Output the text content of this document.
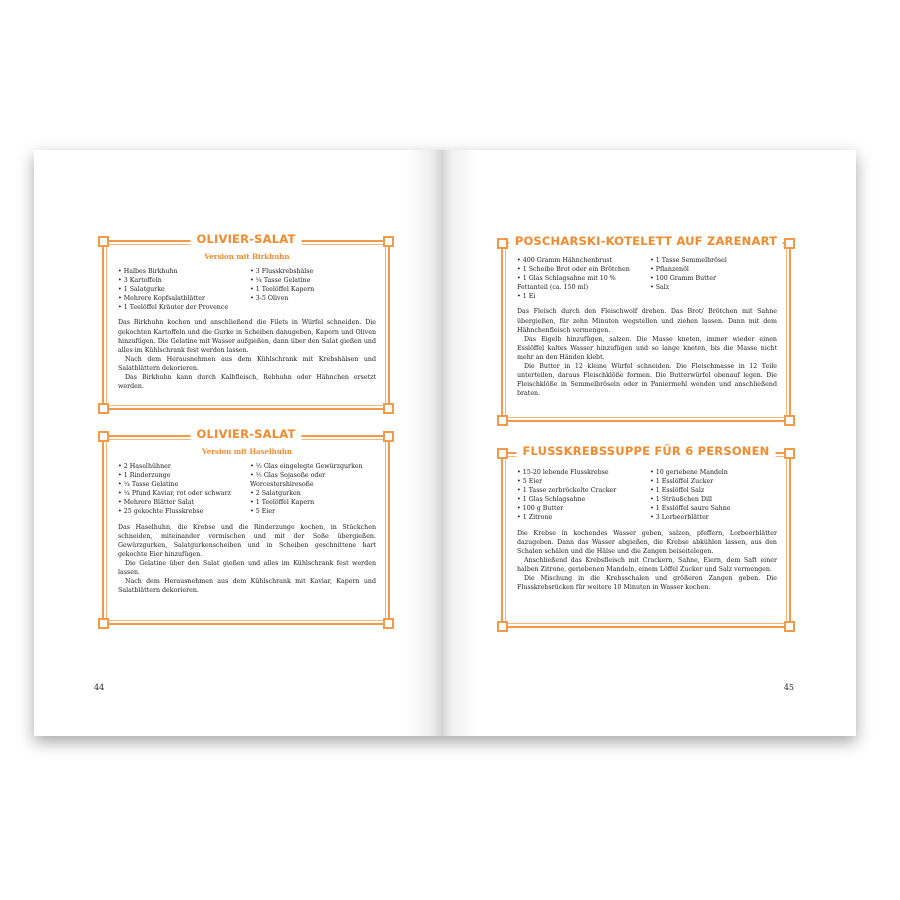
OLIVIER-SALAT
Version mit Birkhuhn
• Halbes Birkhuhn
• 3 Kartoffeln
• 1 Salatgurke
• Mehrere Kopfsalatblätter
• 1 Teelöffel Kräuter der Provence
• 3 Flusskrebshälse
• ¼ Tasse Gelatine
• 1 Teelöffel Kapern
• 3-5 Oliven

Das Birkhuhn kochen und anschließend die Filets in Würfel schneiden. Die gekochten Kartoffeln und die Gurke in Scheiben danugeben, Kapern und Oliven hinzufügen. Die Gelatine mit Wasser aufgießen, dann über den Salat gießen und alles im Kühlschrank fest werden lassen.

Nach dem Herausnehmen aus dem Kühlschrank mit Krebshälsen und Salatblättern dekorieren.

Das Birkhuhn kann durch Kalbfleisch, Rebhuhn oder Hähnchen ersetzt werden.

OLIVIER-SALAT
Version mit Haselhuhn
• 2 Haselhühner
• 1 Rinderzunge
• ¼ Tasse Gelatine
• ¼ Pfund Kaviar, rot oder schwarz
• Mehrere Blätter Salat
• 25 gekochte Flusskrebse
• ½ Glas eingelegte Gewürzgurken
• ½ Glas Sojasoße oder Worcestershiresoße
• 2 Salatgurken
• 1 Teelöffel Kapern
• 5 Eier

Das Haselhuhn, die Krebse und die Rinderzunge kochen, in Stückchen schneiden, miteinander vermischen und mit der Soße übergießen. Gewürzgurken, Salatgurkenscheiben und in Scheiben geschnittene hart gekochte Eier hinzufügen.

Die Gelatine über den Salat gießen und alles im Kühlschrank fest werden lassen.

Nach dem Herausnehmen aus dem Kühlschrank mit Kaviar, Kapern und Salatblättern dekorieren.

44
POSCHARSKI-KOTELETT AUF ZARENART
• 400 Gramm Hähnchenbrust
• 1 Scheibe Brot oder ein Brötchen
• 1 Glas Schlagsahne mit 10 % Fettanteil (ca. 150 ml)
• 1 Ei
• 1 Tasse Semmelbrösel
• Pflanzenöl
• 100 Gramm Butter
• Salz

Das Fleisch durch den Fleischwolf drehen. Das Brot/ Brötchen mit Sahne übergießen, für zehn Minuten wegstellen und ziehen lassen. Dann mit dem Hähnchenfleisch vermengen.

Das Eigelb hinzufügen, salzen. Die Masse kneten, immer wieder einen Esslöffel kaltes Wasser hinzufügen und so lange kneten, bis die Masse nicht mehr an den Händen klebt.

Die Butter in 12 kleine Würfel schneiden. Die Fleischmasse in 12 Teile unterteilen, daraus Fleischklöße formen. Die Butterwürfel obenauf legen. Die Fleischklöße in Semmelbröseln oder in Paniermehl wenden und anschließend braten.

FLUSSKREBSSUPPE FÜR 6 PERSONEN
• 15-20 lebende Flusskrebse
• 5 Eier
• 1 Tasse zerbröckelte Cracker
• 1 Glas Schlagsahne
• 100 g Butter
• 1 Zitrone
• 10 geriebene Mandeln
• 1 Esslöffel Zucker
• 1 Esslöffel Salz
• 1 Sträußchen Dill
• 1 Esslöffel saure Sahne
• 3 Lorbeerblätter

Die Krebse in kochendes Wasser geben, salzen, pfeffern, Lorbeerblätter dazugeben. Dann das Wasser abgießen, die Krebse abkühlen lassen, aus den Schalen schälen und die Hälse und die Zangen beiseitelegen.

Anschließend das Krebsfleisch mit Crackern, Sahne, Eiern, dem Saft einer halben Zitrone, geriebenen Mandeln, einem Löffel Zucker und Salz vermengen.

Die Mischung in die Krebsschalen und größeren Zangen geben. Die Flusskrebsrücken für weitere 10 Minuten in Wasser kochen.

45
